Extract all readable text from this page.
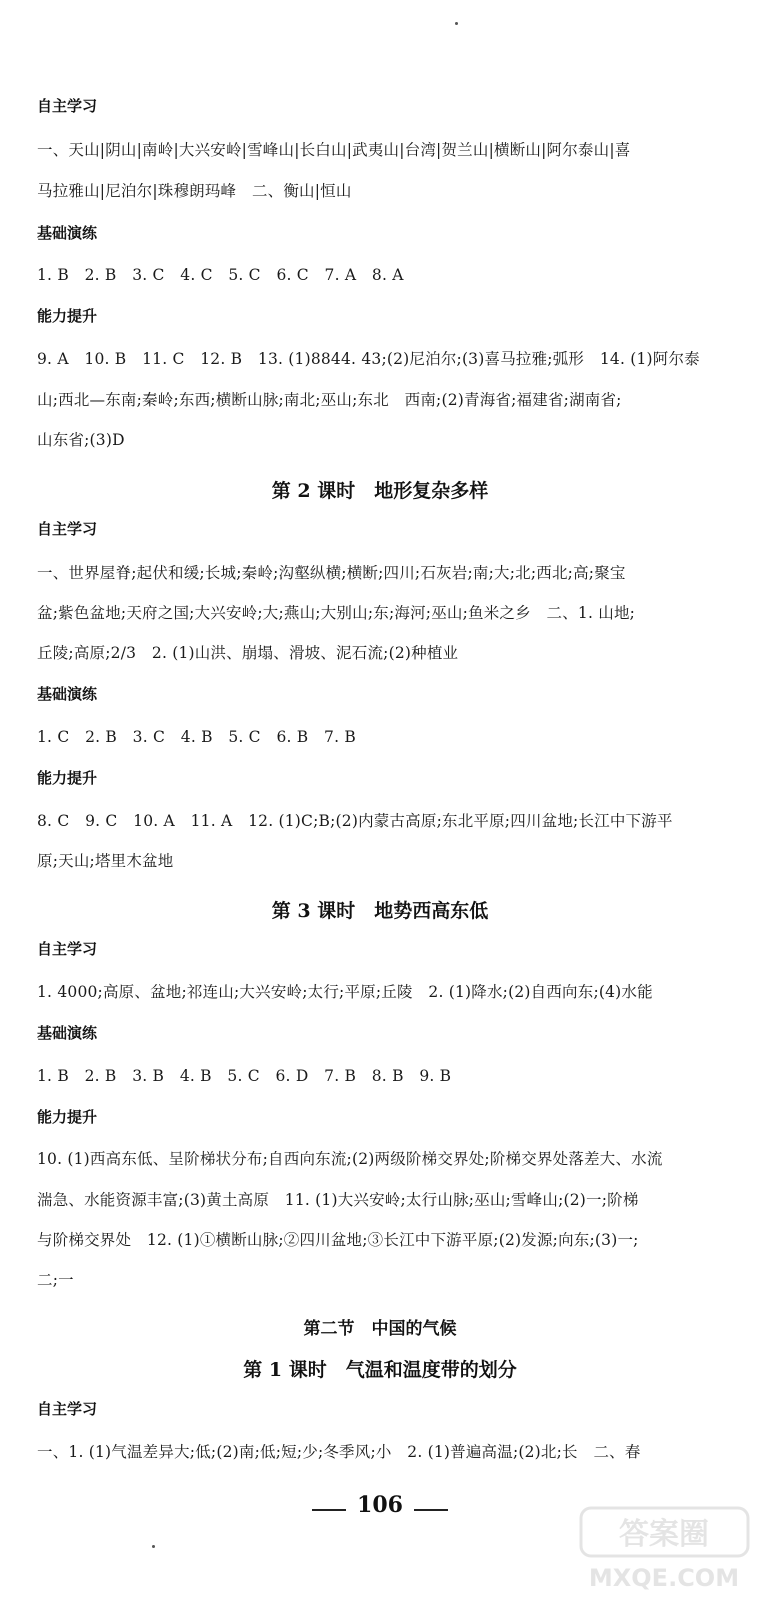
自主学习
一、天山|阴山|南岭|大兴安岭|雪峰山|长白山|武夷山|台湾|贺兰山|横断山|阿尔泰山|喜
马拉雅山|尼泊尔|珠穆朗玛峰　二、衡山|恒山
基础演练
1. B　2. B　3. C　4. C　5. C　6. C　7. A　8. A
能力提升
9. A　10. B　11. C　12. B　13. (1)8844. 43;(2)尼泊尔;(3)喜马拉雅;弧形　14. (1)阿尔泰
山;西北—东南;秦岭;东西;横断山脉;南北;巫山;东北　西南;(2)青海省;福建省;湖南省;
山东省;(3)D
第 2 课时　地形复杂多样
自主学习
一、世界屋脊;起伏和缓;长城;秦岭;沟壑纵横;横断;四川;石灰岩;南;大;北;西北;高;聚宝
盆;紫色盆地;天府之国;大兴安岭;大;燕山;大别山;东;海河;巫山;鱼米之乡　二、1. 山地;
丘陵;高原;2/3　2. (1)山洪、崩塌、滑坡、泥石流;(2)种植业
基础演练
1. C　2. B　3. C　4. B　5. C　6. B　7. B
能力提升
8. C　9. C　10. A　11. A　12. (1)C;B;(2)内蒙古高原;东北平原;四川盆地;长江中下游平
原;天山;塔里木盆地
第 3 课时　地势西高东低
自主学习
1. 4000;高原、盆地;祁连山;大兴安岭;太行;平原;丘陵　2. (1)降水;(2)自西向东;(4)水能
基础演练
1. B　2. B　3. B　4. B　5. C　6. D　7. B　8. B　9. B
能力提升
10. (1)西高东低、呈阶梯状分布;自西向东流;(2)两级阶梯交界处;阶梯交界处落差大、水流
湍急、水能资源丰富;(3)黄土高原　11. (1)大兴安岭;太行山脉;巫山;雪峰山;(2)一;阶梯
与阶梯交界处　12. (1)①横断山脉;②四川盆地;③长江中下游平原;(2)发源;向东;(3)一;
二;一
第二节　中国的气候
第 1 课时　气温和温度带的划分
自主学习
一、1. (1)气温差异大;低;(2)南;低;短;少;冬季风;小　2. (1)普遍高温;(2)北;长　二、春
106
答案圈
MXQE.COM
